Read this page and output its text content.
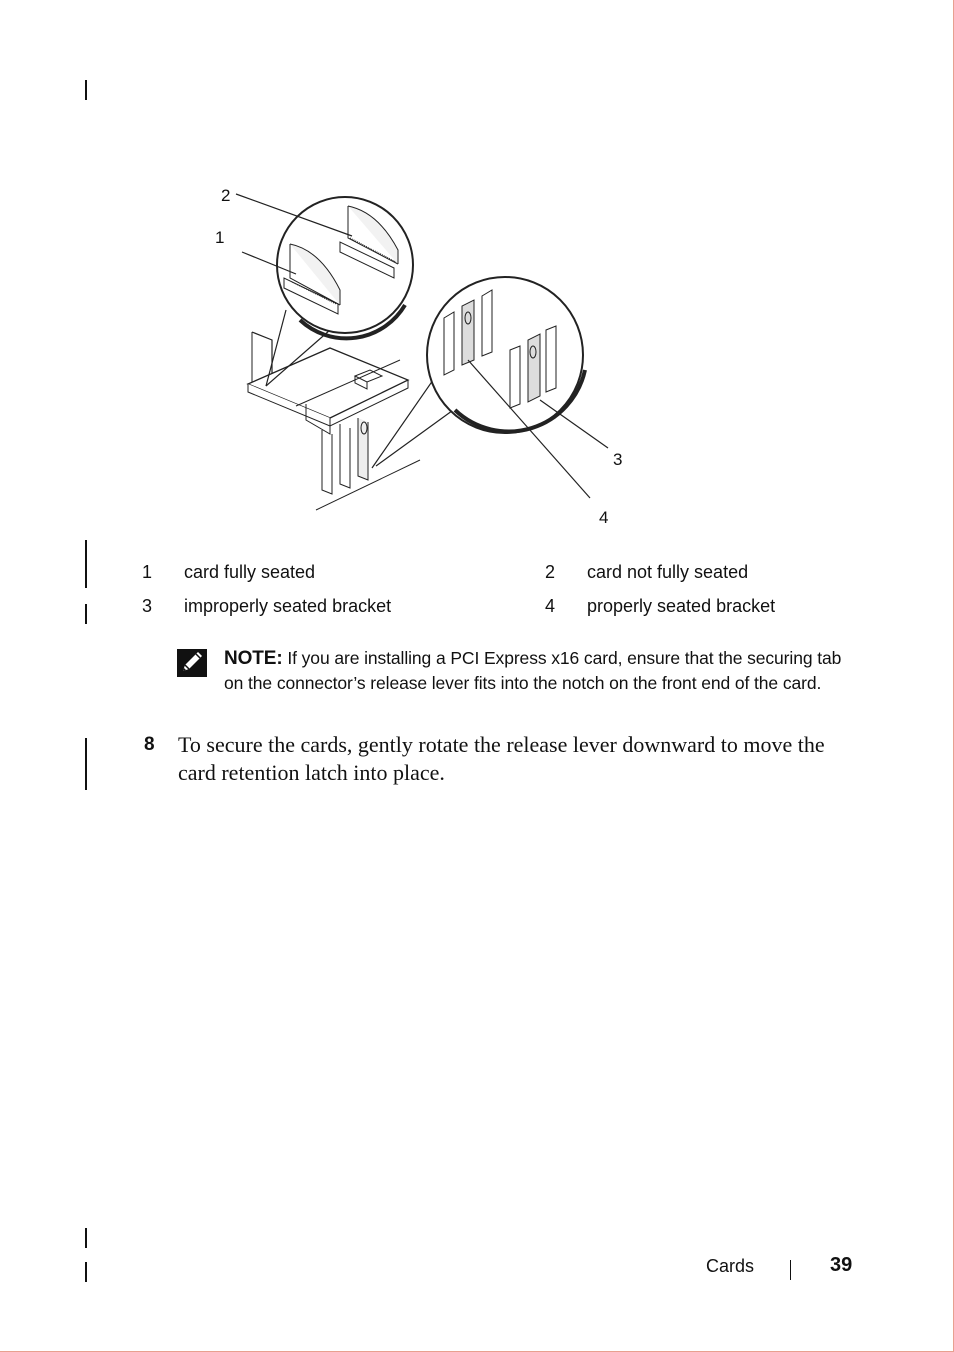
2
1
3
4
1 card fully seated	2 card not fully seated
3 improperly seated bracket	4 properly seated bracket
NOTE: If you are installing a PCI Express x16 card, ensure that the securing tab on the connector’s release lever fits into the notch on the front end of the card.
8 To secure the cards, gently rotate the release lever downward to move the card retention latch into place.
Cards	39
